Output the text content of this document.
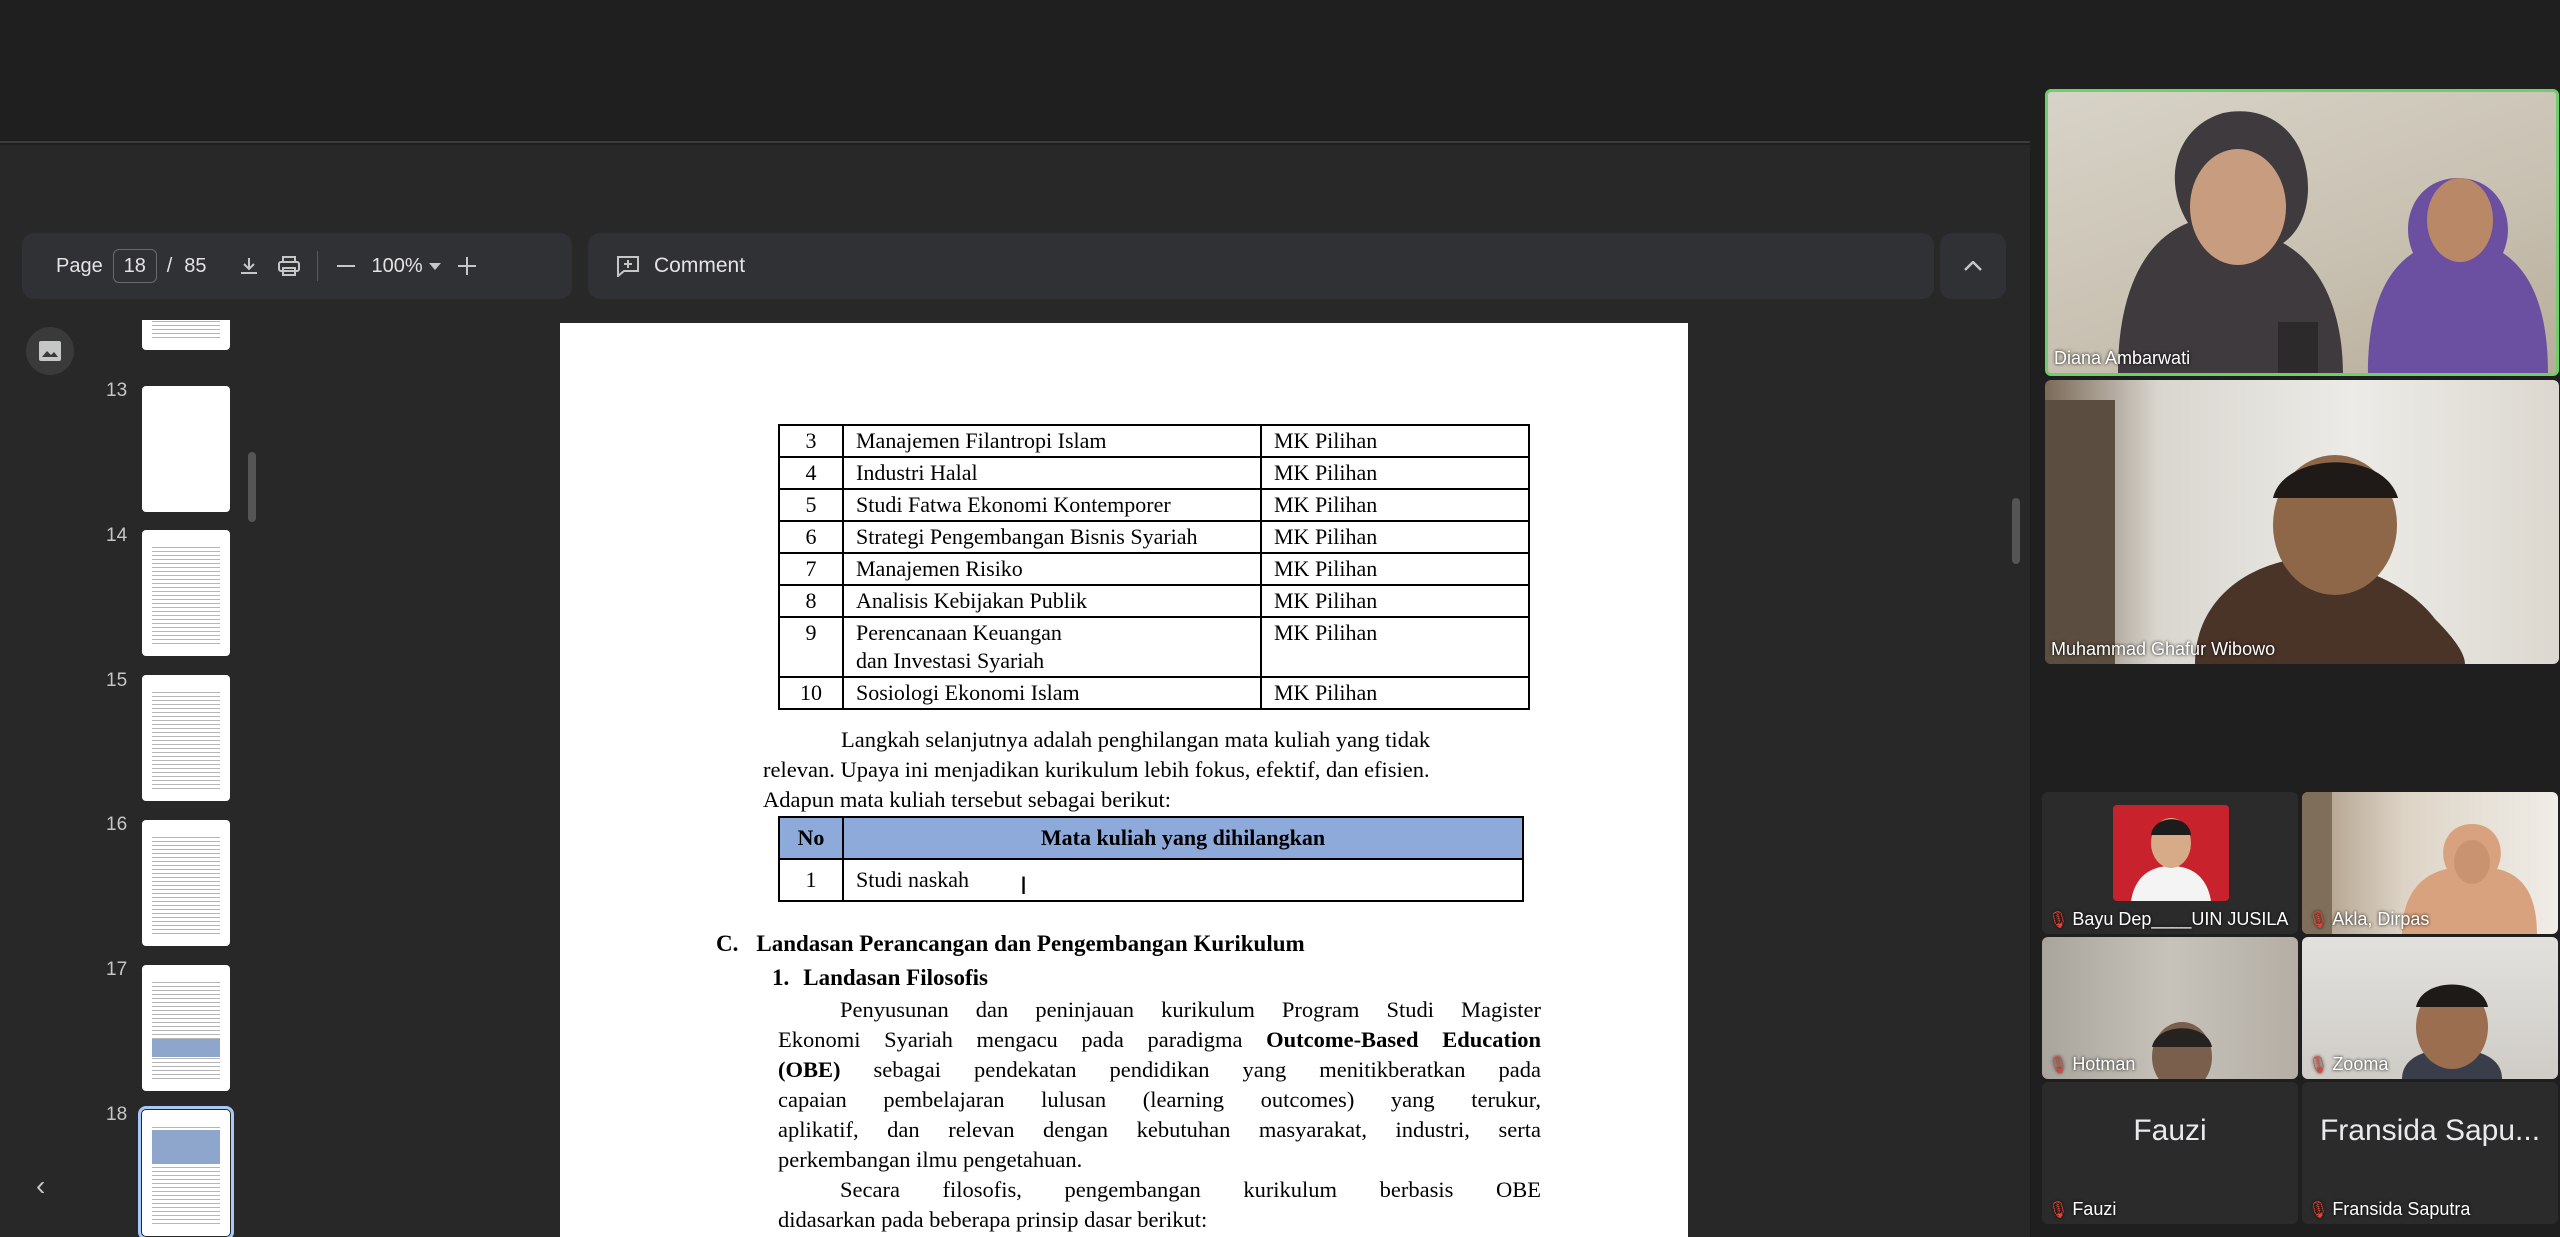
Page	18	/ 85	100%	Comment
‹
13
14
15
16
17
18
3	Manajemen Filantropi Islam	MK Pilihan
4	Industri Halal	MK Pilihan
5	Studi Fatwa Ekonomi Kontemporer	MK Pilihan
6	Strategi Pengembangan Bisnis Syariah	MK Pilihan
7	Manajemen Risiko	MK Pilihan
8	Analisis Kebijakan Publik	MK Pilihan
9	Perencanaan Keuangan
dan Investasi Syariah	MK Pilihan
10	Sosiologi Ekonomi Islam	MK Pilihan
Langkah selanjutnya adalah penghilangan mata kuliah yang tidak
relevan. Upaya ini menjadikan kurikulum lebih fokus, efektif, dan efisien.
Adapun mata kuliah tersebut sebagai berikut:
No	Mata kuliah yang dihilangkan
1	Studi naskah I
C. Landasan Perancangan dan Pengembangan Kurikulum
1. Landasan Filosofis
Penyusunan dan peninjauan kurikulum Program Studi Magister
Ekonomi Syariah mengacu pada paradigma Outcome-Based Education
(OBE) sebagai pendekatan pendidikan yang menitikberatkan pada
capaian pembelajaran lulusan (learning outcomes) yang terukur,
aplikatif, dan relevan dengan kebutuhan masyarakat, industri, serta
perkembangan ilmu pengetahuan.
Secara filosofis, pengembangan kurikulum berbasis OBE
didasarkan pada beberapa prinsip dasar berikut:
Diana Ambarwati
Muhammad Ghafur Wibowo
🎙 Bayu Dep____UIN JUSILA 🎙 Akla, Dirpas
🎙 Hotman	🎙 Zooma
Fauzi
🎙 Fauzi
Fransida Sapu...
🎙 Fransida Saputra
